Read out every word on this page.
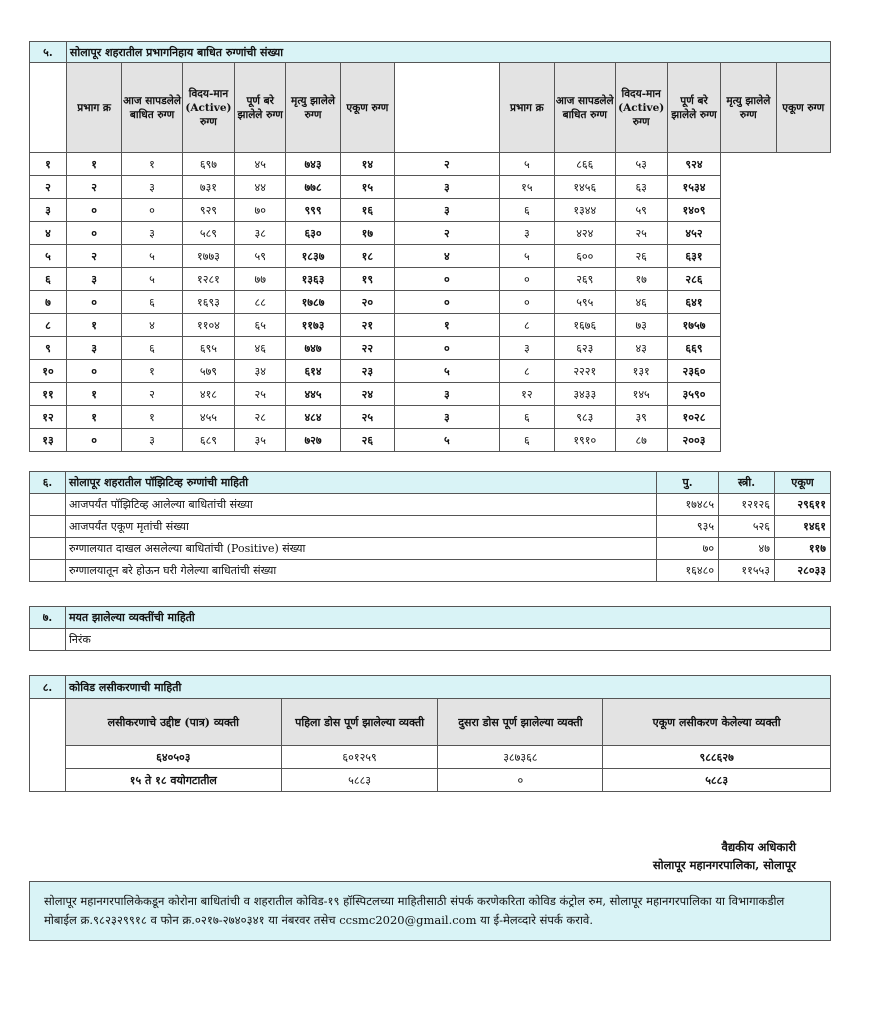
५.	सोलापूर शहरातील प्रभागनिहाय बाधित रुग्णांची संख्या												
	प्रभाग क्र	आज सापडलेले बाधित रुग्ण	विदय-मान (Active) रुग्ण	पूर्ण बरे झालेले रुग्ण	मृत्यु झालेले रुग्ण	एकूण रुग्ण		प्रभाग क्र	आज सापडलेले बाधित रुग्ण	विदय-मान (Active) रुग्ण	पूर्ण बरे झालेले रुग्ण	मृत्यु झालेले रुग्ण	एकूण रुग्ण
१	१	१	६९७	४५	७४३	१४	२	५	८६६	५३	९२४		
२	२	३	७३१	४४	७७८	१५	३	१५	१४५६	६३	१५३४		
३	०	०	९२९	७०	९९९	१६	३	६	१३४४	५९	१४०९		
४	०	३	५८९	३८	६३०	१७	२	३	४२४	२५	४५२		
५	२	५	१७७३	५९	१८३७	१८	४	५	६००	२६	६३१		
६	३	५	१२८१	७७	१३६३	१९	०	०	२६९	१७	२८६		
७	०	६	१६९३	८८	१७८७	२०	०	०	५९५	४६	६४१		
८	१	४	११०४	६५	११७३	२१	१	८	१६७६	७३	१७५७		
९	३	६	६९५	४६	७४७	२२	०	३	६२३	४३	६६९		
१०	०	१	५७९	३४	६१४	२३	५	८	२२२१	१३१	२३६०		
११	१	२	४१८	२५	४४५	२४	३	१२	३४३३	१४५	३५९०		
१२	१	१	४५५	२८	४८४	२५	३	६	९८३	३९	१०२८		
१३	०	३	६८९	३५	७२७	२६	५	६	१९१०	८७	२००३		
६.	सोलापूर शहरातील पॉझिटिव्ह रुग्णांची माहिती	पु.	स्त्री.	एकूण
	आजपर्यंत पॉझिटिव्ह आलेल्या बाधितांची संख्या	१७४८५	१२१२६	२९६११
	आजपर्यंत एकूण मृतांची संख्या	९३५	५२६	१४६१
	रुग्णालयात दाखल असलेल्या बाधितांची (Positive) संख्या	७०	४७	११७
	रुग्णालयातून बरे होऊन घरी गेलेल्या बाधितांची संख्या	१६४८०	११५५३	२८०३३
७.	मयत झालेल्या व्यक्तींची माहिती
	निरंक
८.	कोविड लसीकरणाची माहिती			
	लसीकरणाचे उद्दीष्ट (पात्र) व्यक्ती	पहिला डोस पूर्ण झालेल्या व्यक्ती	दुसरा डोस पूर्ण झालेल्या व्यक्ती	एकूण लसीकरण केलेल्या व्यक्ती
	६४०५०३	६०१२५९	३८७३६८	९८८६२७
	१५ ते १८ वयोगटातील	५८८३	०	५८८३
वैद्यकीय अधिकारी
सोलापूर महानगरपालिका, सोलापूर
सोलापूर महानगरपालिकेकडून कोरोना बाधितांची व शहरातील कोविड-१९ हॉस्पिटलच्या माहितीसाठी संपर्क करणेकरिता कोविड कंट्रोल रुम, सोलापूर महानगरपालिका या विभागाकडील मोबाईल क्र.९८२३२९९१८ व फोन क्र.०२१७-२७४०३४१ या नंबरवर तसेच ccsmc2020@gmail.com या ई-मेलव्दारे संपर्क करावे.
